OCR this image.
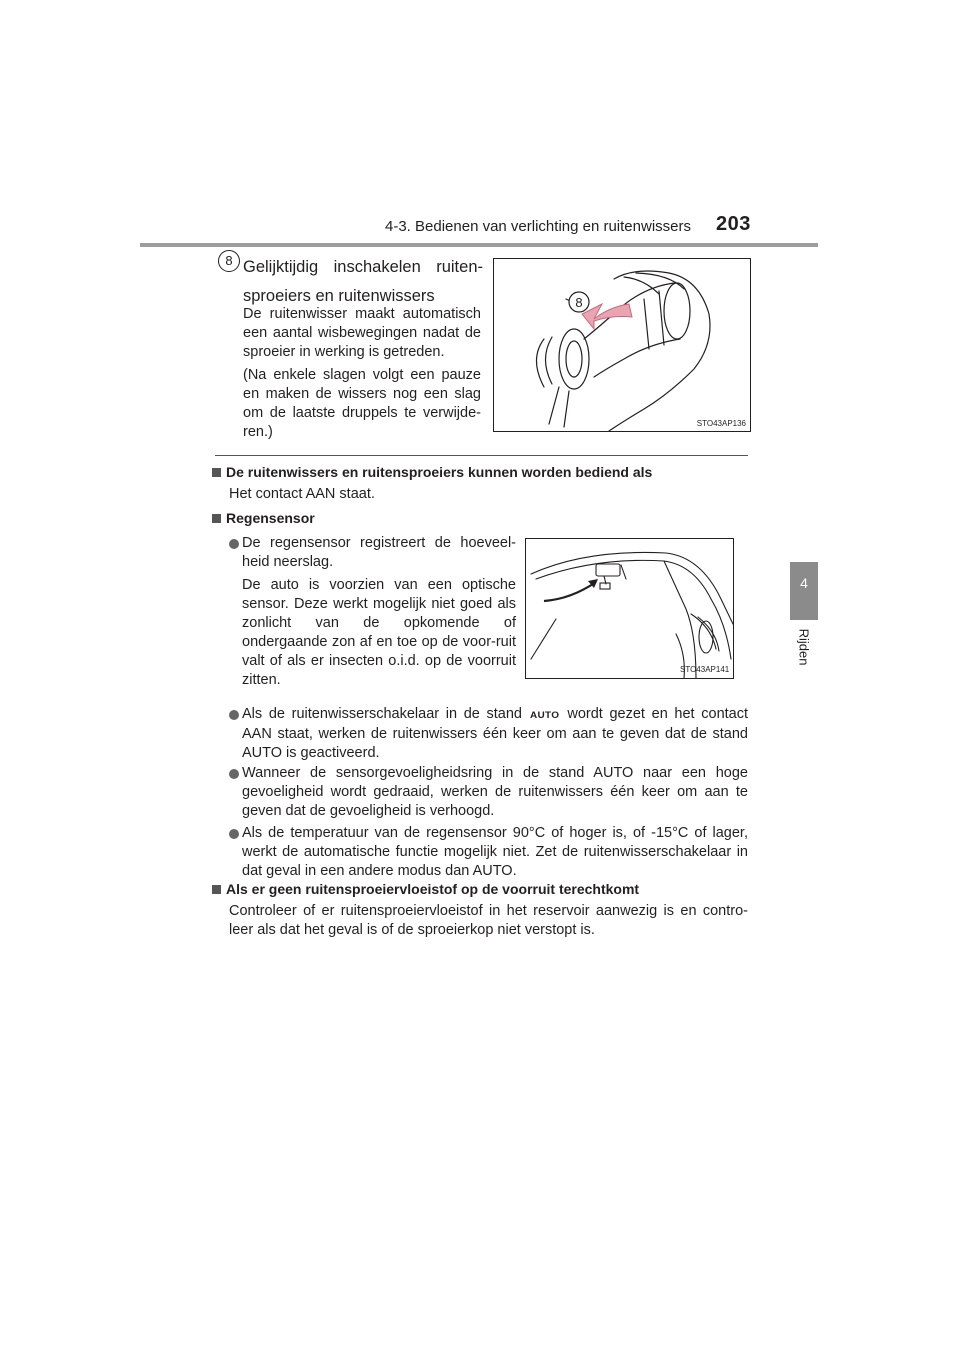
4-3. Bedienen van verlichting en ruitenwissers 203
4
Rijden
8 Gelijktijdig inschakelen ruiten-sproeiers en ruitenwissers
De ruitenwisser maakt automatisch een aantal wisbewegingen nadat de sproeier in werking is getreden.
(Na enkele slagen volgt een pauze en maken de wissers nog een slag om de laatste druppels te verwijde-ren.)
8
STO43AP136
De ruitenwissers en ruitensproeiers kunnen worden bediend als
Het contact AAN staat.
Regensensor
De regensensor registreert de hoeveel-heid neerslag.
De auto is voorzien van een optische sensor. Deze werkt mogelijk niet goed als zonlicht van de opkomende of ondergaande zon af en toe op de voor-ruit valt of als er insecten o.i.d. op de voorruit zitten.
STO43AP141
Als de ruitenwisserschakelaar in de stand AUTO wordt gezet en het contact AAN staat, werken de ruitenwissers één keer om aan te geven dat de stand AUTO is geactiveerd.
Wanneer de sensorgevoeligheidsring in de stand AUTO naar een hoge gevoeligheid wordt gedraaid, werken de ruitenwissers één keer om aan te geven dat de gevoeligheid is verhoogd.
Als de temperatuur van de regensensor 90°C of hoger is, of -15°C of lager, werkt de automatische functie mogelijk niet. Zet de ruitenwisserschakelaar in dat geval in een andere modus dan AUTO.
Als er geen ruitensproeiervloeistof op de voorruit terechtkomt
Controleer of er ruitensproeiervloeistof in het reservoir aanwezig is en contro-leer als dat het geval is of de sproeierkop niet verstopt is.
